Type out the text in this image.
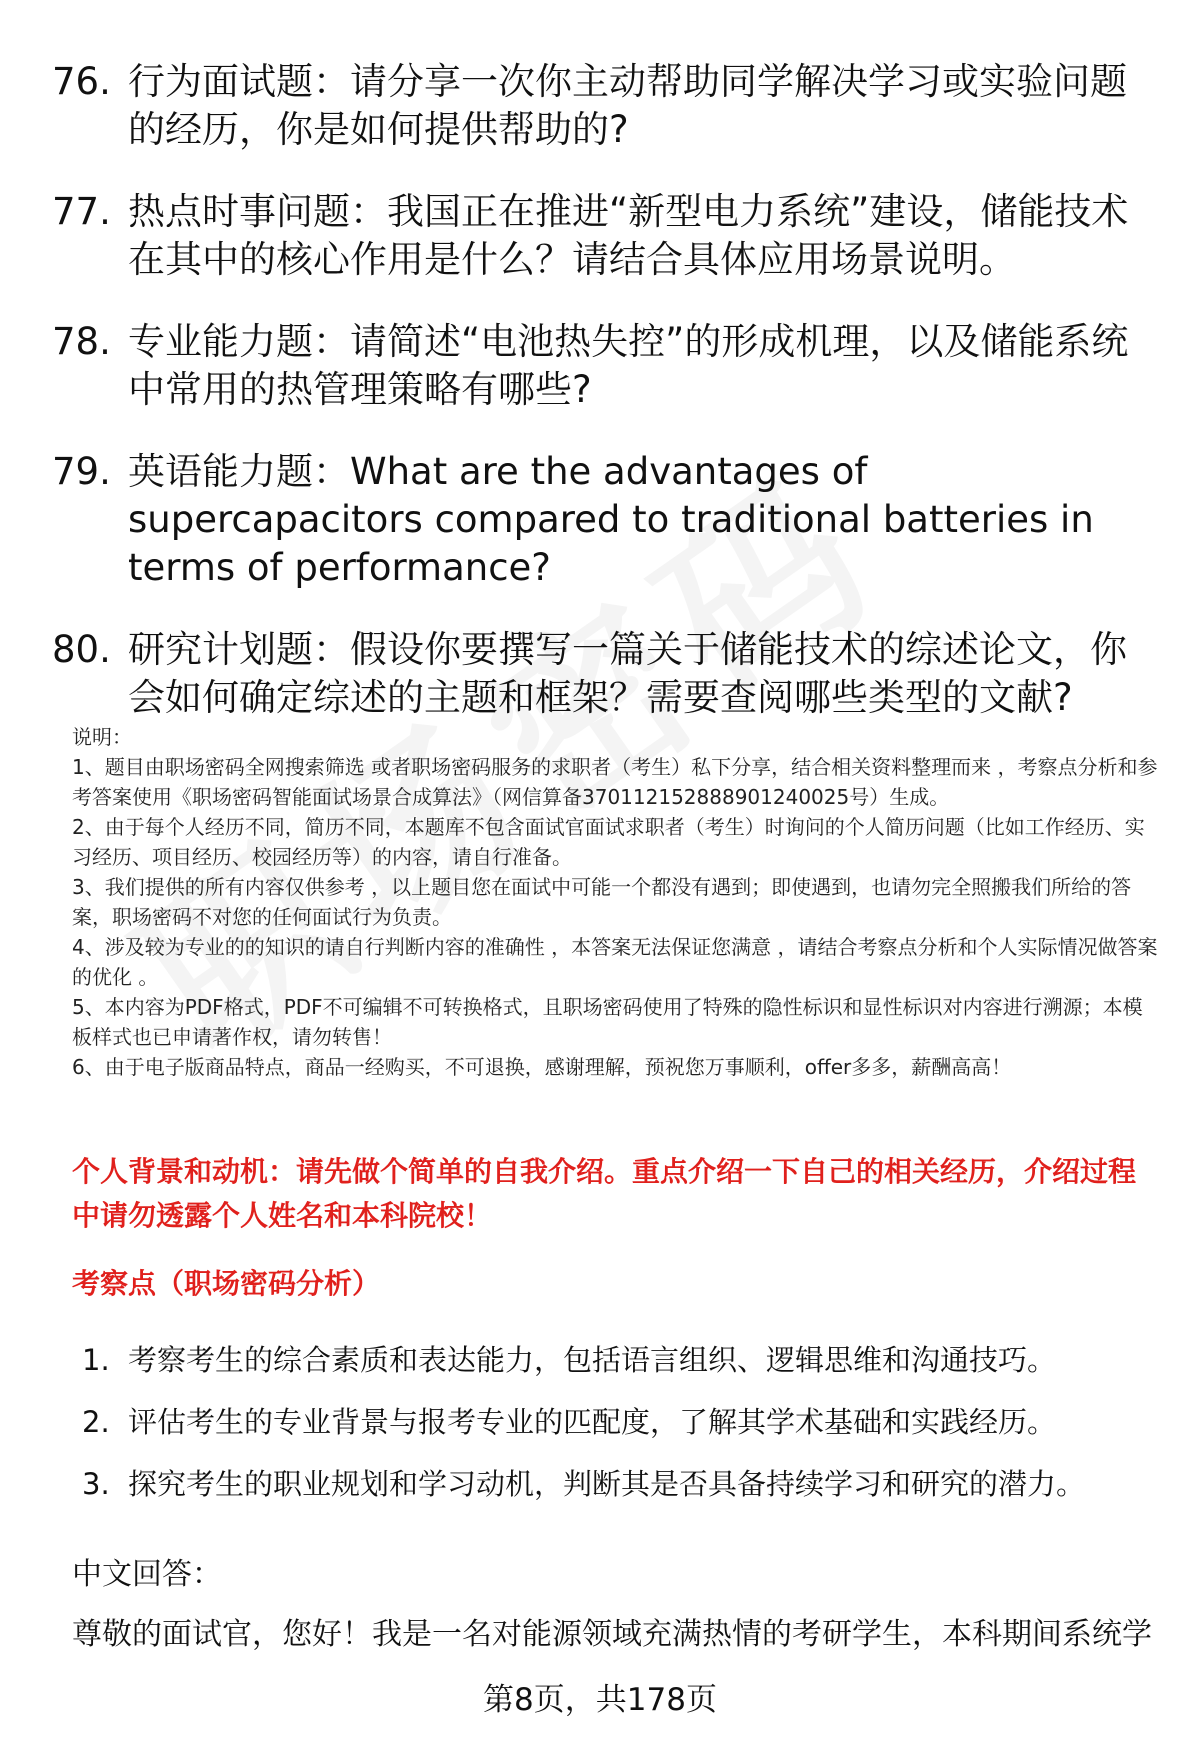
76. 行为面试题：请分享一次你主动帮助同学解决学习或实验问题的经历，你是如何提供帮助的?
77. 热点时事问题：我国正在推进“新型电力系统”建设，储能技术在其中的核心作用是什么？请结合具体应用场景说明。
78. 专业能力题：请简述“电池热失控”的形成机理，以及储能系统中常用的热管理策略有哪些?
79. 英语能力题：What are the advantages of supercapacitors compared to traditional batteries in terms of performance?
80. 研究计划题：假设你要撰写一篇关于储能技术的综述论文，你会如何确定综述的主题和框架？需要查阅哪些类型的文献?
说明：
1、题目由职场密码全网搜索筛选 或者职场密码服务的求职者（考生）私下分享，结合相关资料整理而来 ，考察点分析和参考答案使用《职场密码智能面试场景合成算法》（网信算备370112152888901240025号）生成。
2、由于每个人经历不同，简历不同，本题库不包含面试官面试求职者（考生）时询问的个人简历问题（比如工作经历、实习经历、项目经历、校园经历等）的内容，请自行准备。
3、我们提供的所有内容仅供参考 ，以上题目您在面试中可能一个都没有遇到；即使遇到，也请勿完全照搬我们所给的答案，职场密码不对您的任何面试行为负责。
4、涉及较为专业的的知识的请自行判断内容的准确性 ，本答案无法保证您满意 ，请结合考察点分析和个人实际情况做答案的优化 。
5、本内容为PDF格式，PDF不可编辑不可转换格式，且职场密码使用了特殊的隐性标识和显性标识对内容进行溯源；本模板样式也已申请著作权，请勿转售！
6、由于电子版商品特点，商品一经购买，不可退换，感谢理解，预祝您万事顺利，offer多多，薪酬高高！
个人背景和动机：请先做个简单的自我介绍。重点介绍一下自己的相关经历，介绍过程中请勿透露个人姓名和本科院校！
考察点（职场密码分析）
1. 考察考生的综合素质和表达能力，包括语言组织、逻辑思维和沟通技巧。
2. 评估考生的专业背景与报考专业的匹配度，了解其学术基础和实践经历。
3. 探究考生的职业规划和学习动机，判断其是否具备持续学习和研究的潜力。
中文回答：
尊敬的面试官，您好！我是一名对能源领域充满热情的考研学生，本科期间系统学
第8页，共178页
